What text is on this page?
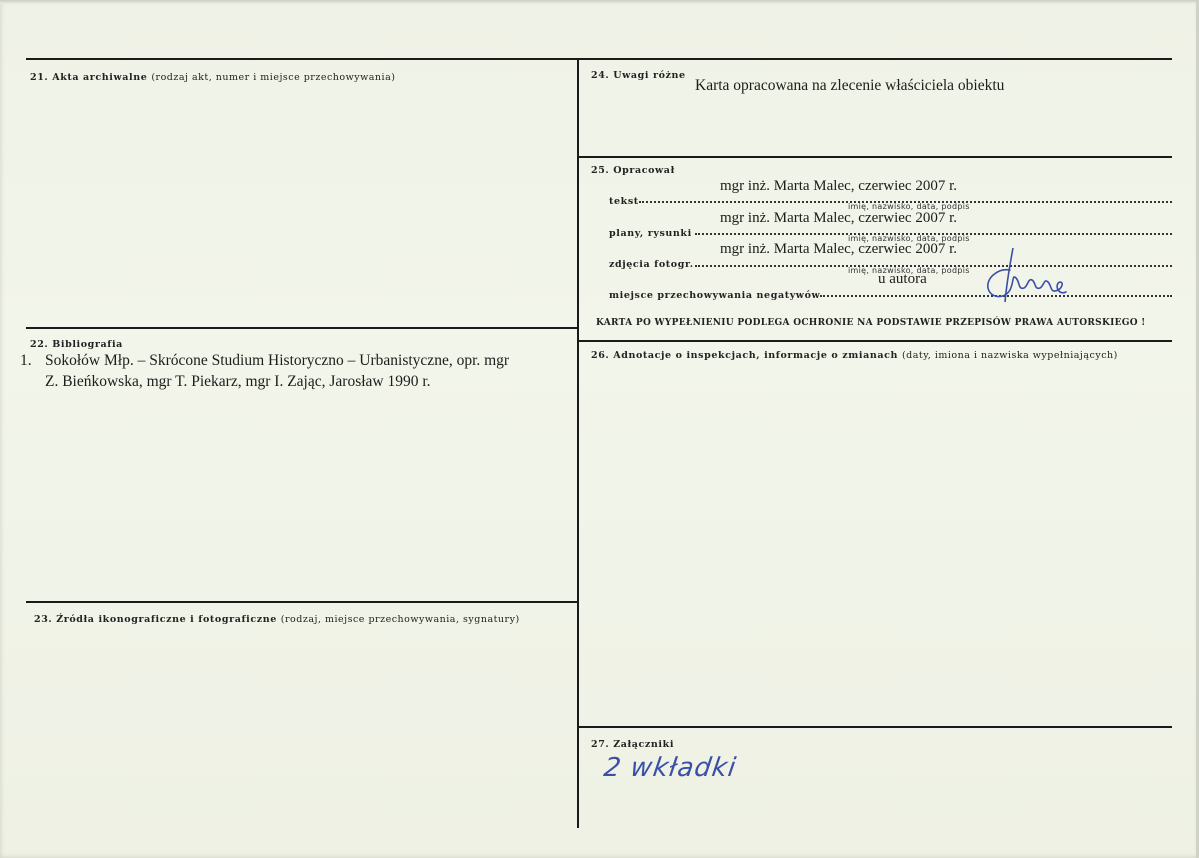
21. Akta archiwalne (rodzaj akt, numer i miejsce przechowywania)
22. Bibliografia
1. Sokołów Młp. – Skrócone Studium Historyczno – Urbanistyczne, opr. mgr
Z. Bieńkowska, mgr T. Piekarz, mgr I. Zając, Jarosław 1990 r.
23. Źródła ikonograficzne i fotograficzne (rodzaj, miejsce przechowywania, sygnatury)
24. Uwagi różne
Karta opracowana na zlecenie właściciela obiektu
25. Opracował
tekst
mgr inż. Marta Malec, czerwiec 2007 r.
imię, nazwisko, data, podpis
plany, rysunki
mgr inż. Marta Malec, czerwiec 2007 r.
imię, nazwisko, data, podpis
zdjęcia fotogr.
mgr inż. Marta Malec, czerwiec 2007 r.
imię, nazwisko, data, podpis
miejsce przechowywania negatywów
u autora
KARTA PO WYPEŁNIENIU PODLEGA OCHRONIE NA PODSTAWIE PRZEPISÓW PRAWA AUTORSKIEGO !
26. Adnotacje o inspekcjach, informacje o zmianach (daty, imiona i nazwiska wypełniających)
27. Załączniki
2 wkładki
